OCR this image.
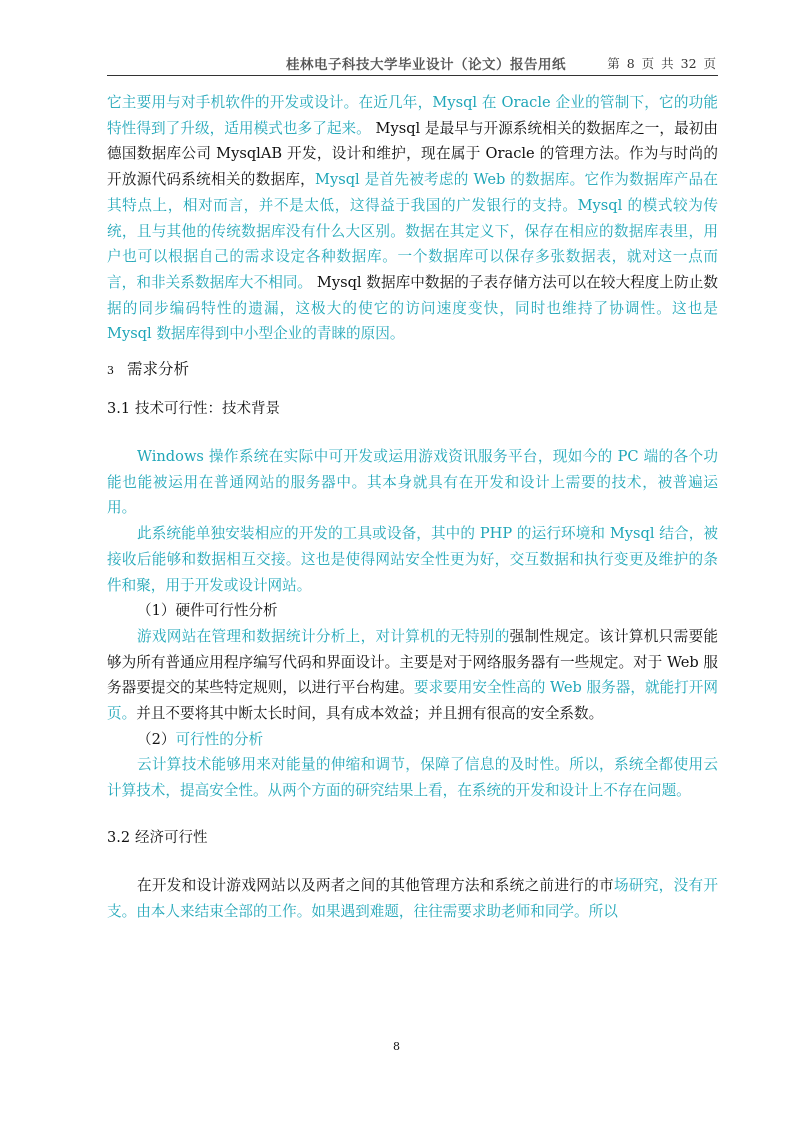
桂林电子科技大学毕业设计（论文）报告用纸	第 8 页 共 32 页

它主要用与对手机软件的开发或设计。在近几年，Mysql 在 Oracle 企业的管制下，它的功能特性得到了升级，适用模式也多了起来。 Mysql 是最早与开源系统相关的数据库之一，最初由德国数据库公司 MysqlAB 开发，设计和维护，现在属于 Oracle 的管理方法。作为与时尚的开放源代码系统相关的数据库，Mysql 是首先被考虑的 Web 的数据库。它作为数据库产品在其特点上，相对而言，并不是太低，这得益于我国的广发银行的支持。Mysql 的模式较为传统，且与其他的传统数据库没有什么大区别。数据在其定义下，保存在相应的数据库表里，用户也可以根据自己的需求设定各种数据库。一个数据库可以保存多张数据表，就对这一点而言，和非关系数据库大不相同。 Mysql 数据库中数据的子表存储方法可以在较大程度上防止数据的同步编码特性的遗漏，这极大的使它的访问速度变快，同时也维持了协调性。这也是 Mysql 数据库得到中小型企业的青睐的原因。

3 需求分析
3.1 技术可行性：技术背景

Windows 操作系统在实际中可开发或运用游戏资讯服务平台，现如今的 PC 端的各个功能也能被运用在普通网站的服务器中。其本身就具有在开发和设计上需要的技术，被普遍运用。

此系统能单独安装相应的开发的工具或设备，其中的 PHP 的运行环境和 Mysql 结合，被接收后能够和数据相互交接。这也是使得网站安全性更为好，交互数据和执行变更及维护的条件和聚，用于开发或设计网站。

（1）硬件可行性分析

游戏网站在管理和数据统计分析上，对计算机的无特别的强制性规定。该计算机只需要能够为所有普通应用程序编写代码和界面设计。主要是对于网络服务器有一些规定。对于 Web 服务器要提交的某些特定规则，以进行平台构建。要求要用安全性高的 Web 服务器，就能打开网页。并且不要将其中断太长时间，具有成本效益；并且拥有很高的安全系数。

（2）可行性的分析

云计算技术能够用来对能量的伸缩和调节，保障了信息的及时性。所以，系统全都使用云计算技术，提高安全性。从两个方面的研究结果上看，在系统的开发和设计上不存在问题。

3.2 经济可行性

在开发和设计游戏网站以及两者之间的其他管理方法和系统之前进行的市场研究，没有开支。由本人来结束全部的工作。如果遇到难题，往往需要求助老师和同学。所以

8
